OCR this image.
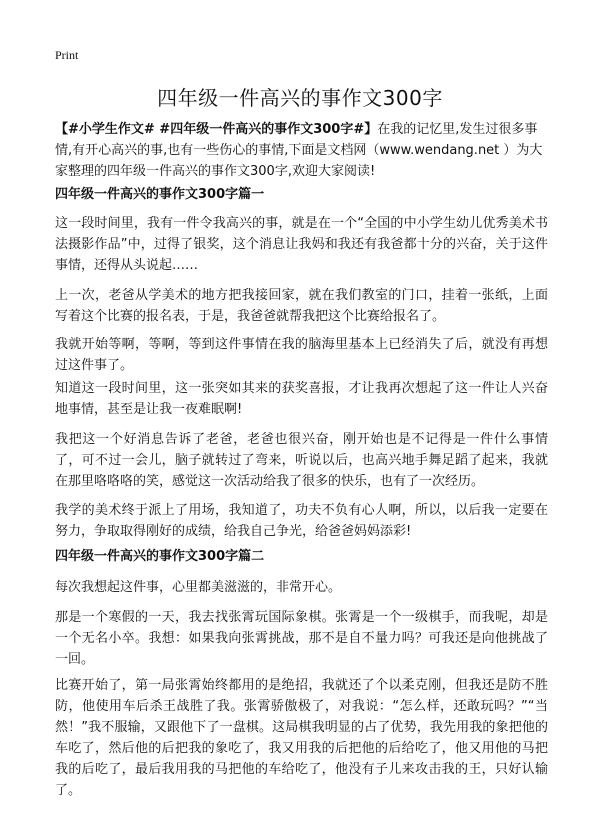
Print
四年级一件高兴的事作文300字

【#小学生作文# #四年级一件高兴的事作文300字#】在我的记忆里,发生过很多事情,有开心高兴的事,也有一些伤心的事情,下面是文档网（www.wendang.net ）为大家整理的四年级一件高兴的事作文300字,欢迎大家阅读!

四年级一件高兴的事作文300字篇一

这一段时间里，我有一件令我高兴的事，就是在一个“全国的中小学生幼儿优秀美术书法摄影作品”中，过得了银奖，这个消息让我妈和我还有我爸都十分的兴奋，关于这件事情，还得从头说起……

上一次，老爸从学美术的地方把我接回家，就在我们教室的门口，挂着一张纸，上面写着这个比赛的报名表，于是，我爸爸就帮我把这个比赛给报名了。

我就开始等啊，等啊，等到这件事情在我的脑海里基本上已经消失了后，就没有再想过这件事了。

知道这一段时间里，这一张突如其来的获奖喜报，才让我再次想起了这一件让人兴奋地事情，甚至是让我一夜难眠啊!

我把这一个好消息告诉了老爸，老爸也很兴奋，刚开始也是不记得是一件什么事情了，可不过一会儿，脑子就转过了弯来，听说以后，也高兴地手舞足蹈了起来，我就在那里咯咯咯的笑，感觉这一次活动给我了很多的快乐，也有了一次经历。

我学的美术终于派上了用场，我知道了，功夫不负有心人啊，所以，以后我一定要在努力，争取取得刚好的成绩，给我自己争光，给爸爸妈妈添彩!

四年级一件高兴的事作文300字篇二

每次我想起这件事，心里都美滋滋的，非常开心。

那是一个寒假的一天，我去找张霄玩国际象棋。张霄是一个一级棋手，而我呢，却是一个无名小卒。我想：如果我向张霄挑战，那不是自不量力吗？可我还是向他挑战了一回。

比赛开始了，第一局张霄始终都用的是绝招，我就还了个以柔克刚，但我还是防不胜防，他使用车后杀王战胜了我。张霄骄傲极了，对我说：“怎么样，还敢玩吗？”“当然！”我不服输，又跟他下了一盘棋。这局棋我明显的占了优势，我先用我的象把他的车吃了，然后他的后把我的象吃了，我又用我的后把他的后给吃了，他又用他的马把我的后吃了，最后我用我的马把他的车给吃了，他没有子儿来攻击我的王，只好认输了。
